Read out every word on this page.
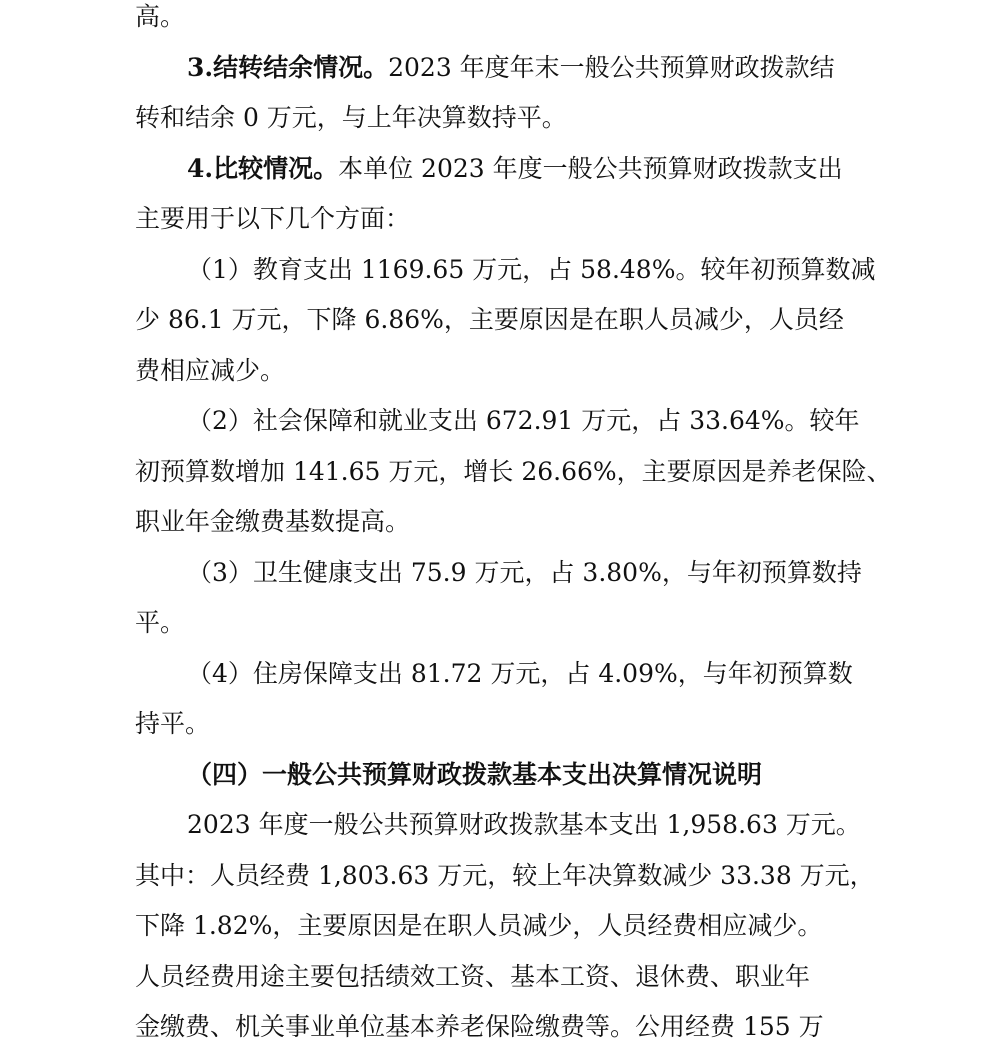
高。
3.结转结余情况。2023 年度年末一般公共预算财政拨款结
转和结余 0 万元，与上年决算数持平。
4.比较情况。本单位 2023 年度一般公共预算财政拨款支出
主要用于以下几个方面：
（1）教育支出 1169.65 万元，占 58.48%。较年初预算数减
少 86.1 万元，下降 6.86%，主要原因是在职人员减少，人员经
费相应减少。
（2）社会保障和就业支出 672.91 万元，占 33.64%。较年
初预算数增加 141.65 万元，增长 26.66%，主要原因是养老保险、
职业年金缴费基数提高。
（3）卫生健康支出 75.9 万元，占 3.80%，与年初预算数持
平。
（4）住房保障支出 81.72 万元，占 4.09%，与年初预算数
持平。
（四）一般公共预算财政拨款基本支出决算情况说明
2023 年度一般公共预算财政拨款基本支出 1,958.63 万元。
其中：人员经费 1,803.63 万元，较上年决算数减少 33.38 万元，
下降 1.82%，主要原因是在职人员减少，人员经费相应减少。
人员经费用途主要包括绩效工资、基本工资、退休费、职业年
金缴费、机关事业单位基本养老保险缴费等。公用经费 155 万
